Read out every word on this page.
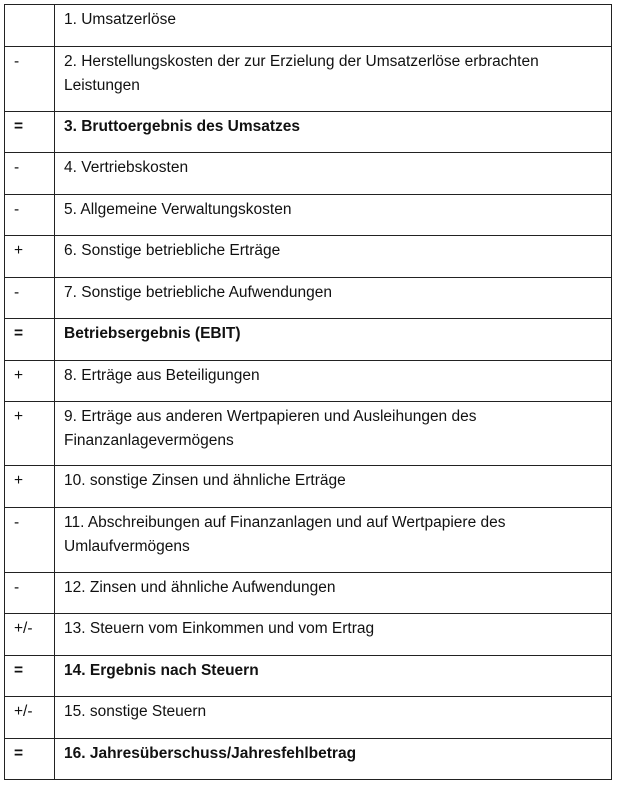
	1. Umsatzerlöse
-	2. Herstellungskosten der zur Erzielung der Umsatzerlöse erbrachten Leistungen
=	3. Bruttoergebnis des Umsatzes
-	4. Vertriebskosten
-	5. Allgemeine Verwaltungskosten
+	6. Sonstige betriebliche Erträge
-	7. Sonstige betriebliche Aufwendungen
=	Betriebsergebnis (EBIT)
+	8. Erträge aus Beteiligungen
+	9. Erträge aus anderen Wertpapieren und Ausleihungen des Finanzanlagevermögens
+	10. sonstige Zinsen und ähnliche Erträge
-	11. Abschreibungen auf Finanzanlagen und auf Wertpapiere des Umlaufvermögens
-	12. Zinsen und ähnliche Aufwendungen
+/-	13. Steuern vom Einkommen und vom Ertrag
=	14. Ergebnis nach Steuern
+/-	15. sonstige Steuern
=	16. Jahresüberschuss/Jahresfehlbetrag
